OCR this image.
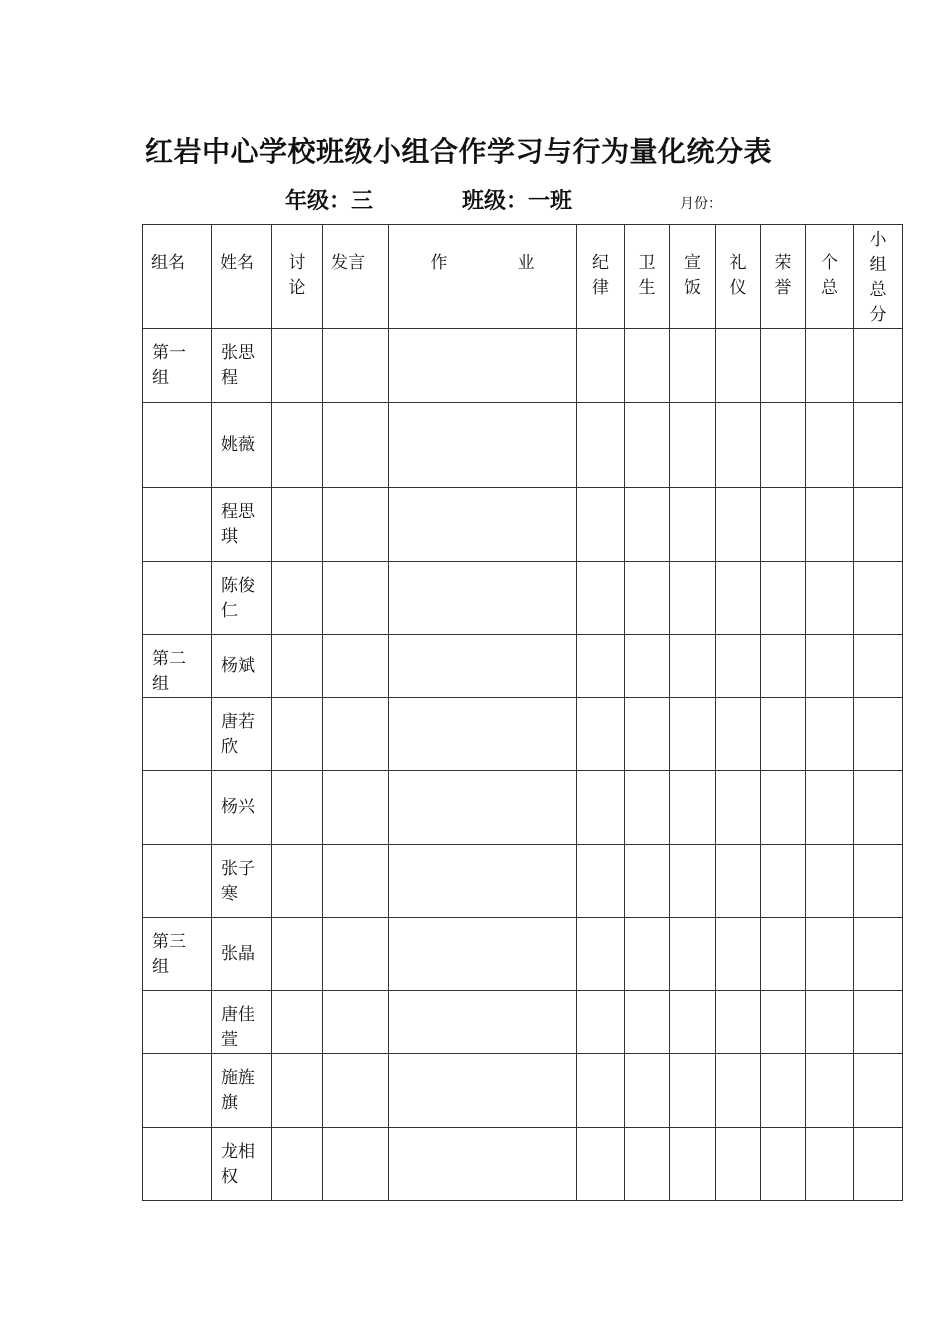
红岩中心学校班级小组合作学习与行为量化统分表
年级：三	班级：一班	月份：
组名	姓名	讨论	发言	作 业	纪律	卫生	宣饭	礼仪	荣誉	个总	小组总分

第一组	张思程										

	姚薇										

	程思琪										

	陈俊仁										

第二组	杨斌										

	唐若欣										

	杨兴										

	张子寒										

第三组	张晶										

	唐佳萱										

	施旌旗										

	龙相权										
